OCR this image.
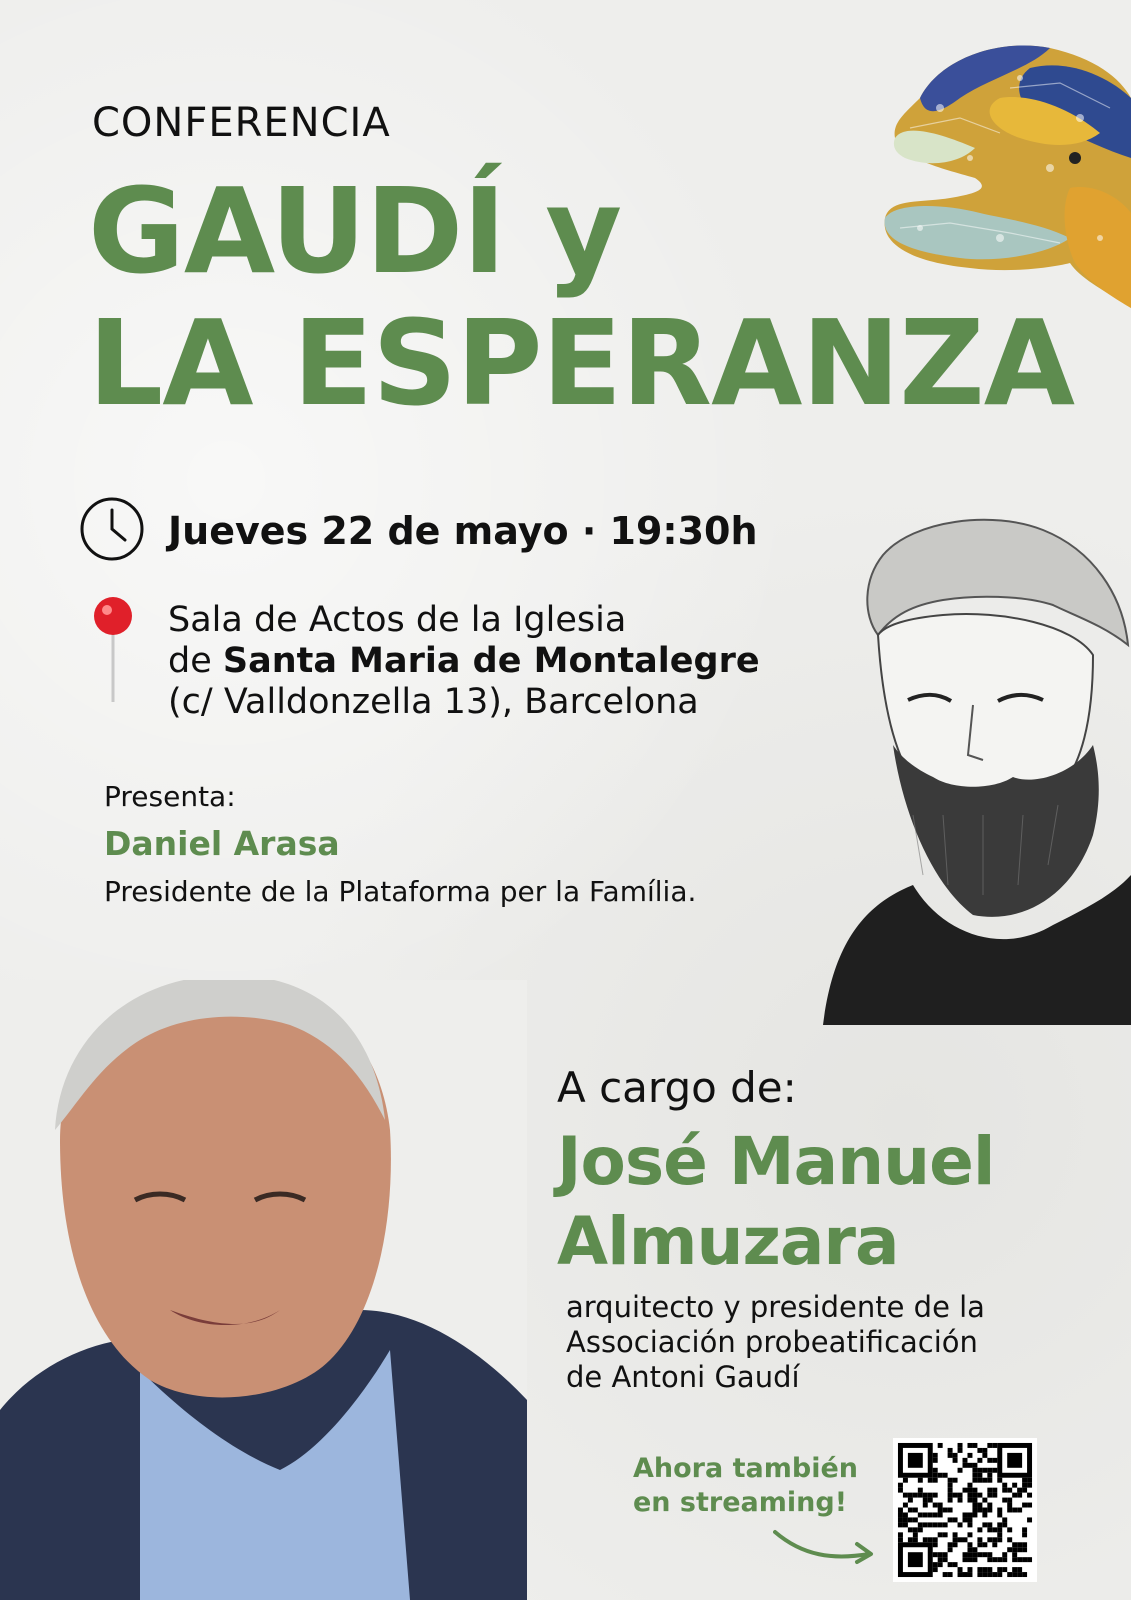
CONFERENCIA
GAUDÍ y
LA ESPERANZA
Jueves 22 de mayo · 19:30h
Sala de Actos de la Iglesia
de Santa Maria de Montalegre
(c/ Valldonzella 13), Barcelona
Presenta:
Daniel Arasa
Presidente de la Plataforma per la Família.
A cargo de:
José Manuel
Almuzara
arquitecto y presidente de la
Associación probeatificación
de Antoni Gaudí
Ahora también
en streaming!
